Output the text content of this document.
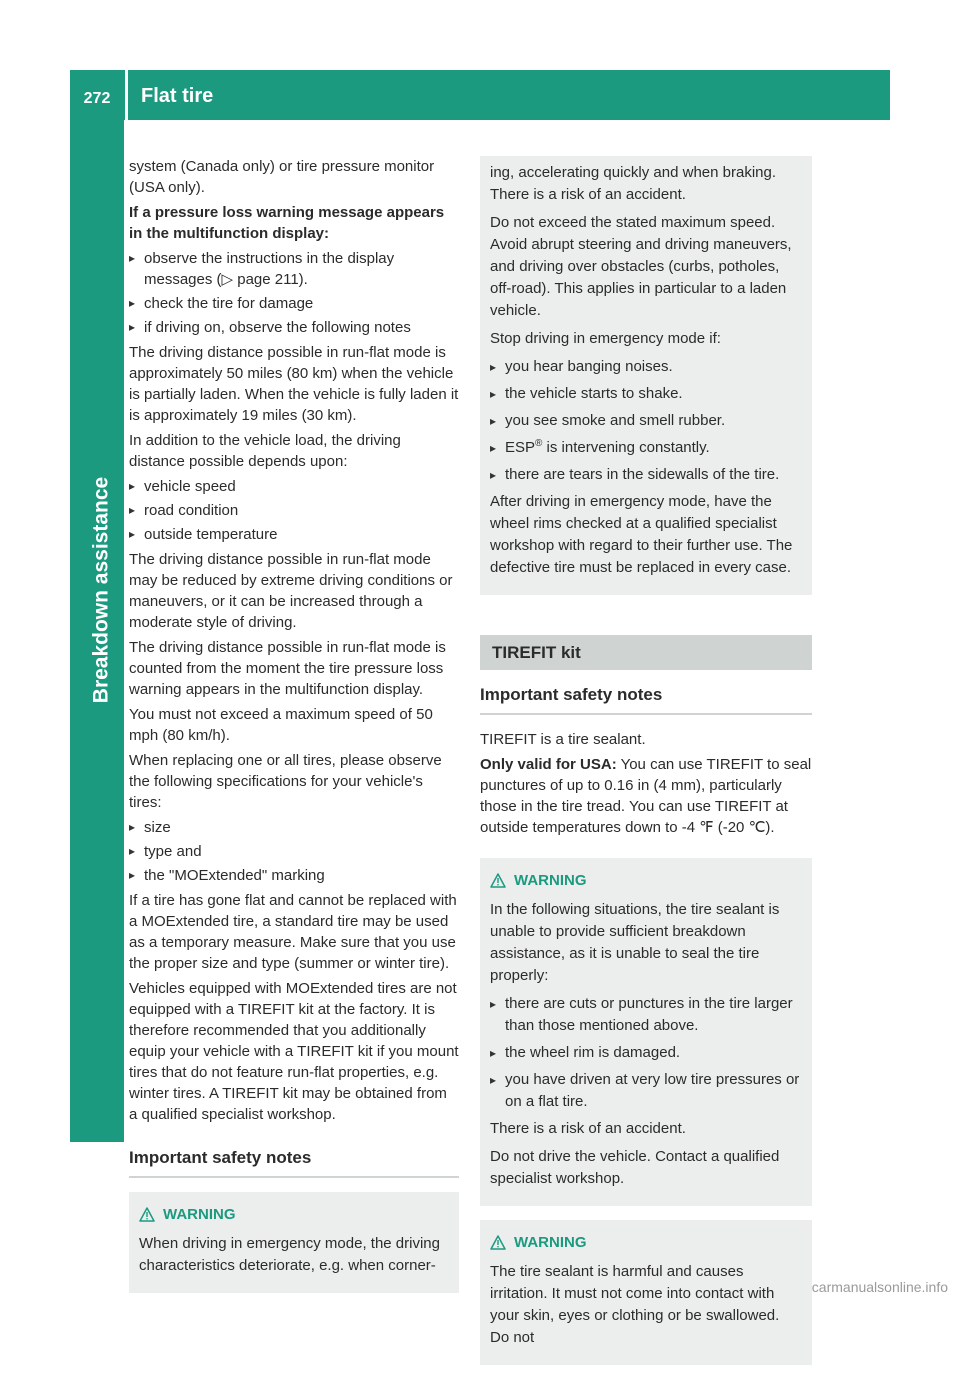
272	Flat tire
Breakdown assistance

system (Canada only) or tire pressure monitor (USA only).

If a pressure loss warning message appears in the multifunction display:

▸ observe the instructions in the display messages (▷ page 211).
▸ check the tire for damage
▸ if driving on, observe the following notes

The driving distance possible in run-flat mode is approximately 50 miles (80 km) when the vehicle is partially laden. When the vehicle is fully laden it is approximately 19 miles (30 km).

In addition to the vehicle load, the driving distance possible depends upon:

▸ vehicle speed
▸ road condition
▸ outside temperature

The driving distance possible in run-flat mode may be reduced by extreme driving conditions or maneuvers, or it can be increased through a moderate style of driving.

The driving distance possible in run-flat mode is counted from the moment the tire pressure loss warning appears in the multifunction display.

You must not exceed a maximum speed of 50 mph (80 km/h).

When replacing one or all tires, please observe the following specifications for your vehicle's tires:

▸ size
▸ type and
▸ the "MOExtended" marking

If a tire has gone flat and cannot be replaced with a MOExtended tire, a standard tire may be used as a temporary measure. Make sure that you use the proper size and type (summer or winter tire).

Vehicles equipped with MOExtended tires are not equipped with a TIREFIT kit at the factory. It is therefore recommended that you additionally equip your vehicle with a TIREFIT kit if you mount tires that do not feature run-flat properties, e.g. winter tires. A TIREFIT kit may be obtained from a qualified specialist workshop.

Important safety notes
WARNING

When driving in emergency mode, the driving characteristics deteriorate, e.g. when corner-

ing, accelerating quickly and when braking. There is a risk of an accident.

Do not exceed the stated maximum speed. Avoid abrupt steering and driving maneuvers, and driving over obstacles (curbs, potholes, off-road). This applies in particular to a laden vehicle.

Stop driving in emergency mode if:

▸ you hear banging noises.
▸ the vehicle starts to shake.
▸ you see smoke and smell rubber.
▸ ESP® is intervening constantly.
▸ there are tears in the sidewalls of the tire.

After driving in emergency mode, have the wheel rims checked at a qualified specialist workshop with regard to their further use. The defective tire must be replaced in every case.

TIREFIT kit
Important safety notes

TIREFIT is a tire sealant.

Only valid for USA: You can use TIREFIT to seal punctures of up to 0.16 in (4 mm), particularly those in the tire tread. You can use TIREFIT at outside temperatures down to -4 ℉ (-20 ℃).

WARNING

In the following situations, the tire sealant is unable to provide sufficient breakdown assistance, as it is unable to seal the tire properly:

▸ there are cuts or punctures in the tire larger than those mentioned above.
▸ the wheel rim is damaged.
▸ you have driven at very low tire pressures or on a flat tire.

There is a risk of an accident.

Do not drive the vehicle. Contact a qualified specialist workshop.

WARNING

The tire sealant is harmful and causes irritation. It must not come into contact with your skin, eyes or clothing or be swallowed. Do not

carmanualsonline.info
